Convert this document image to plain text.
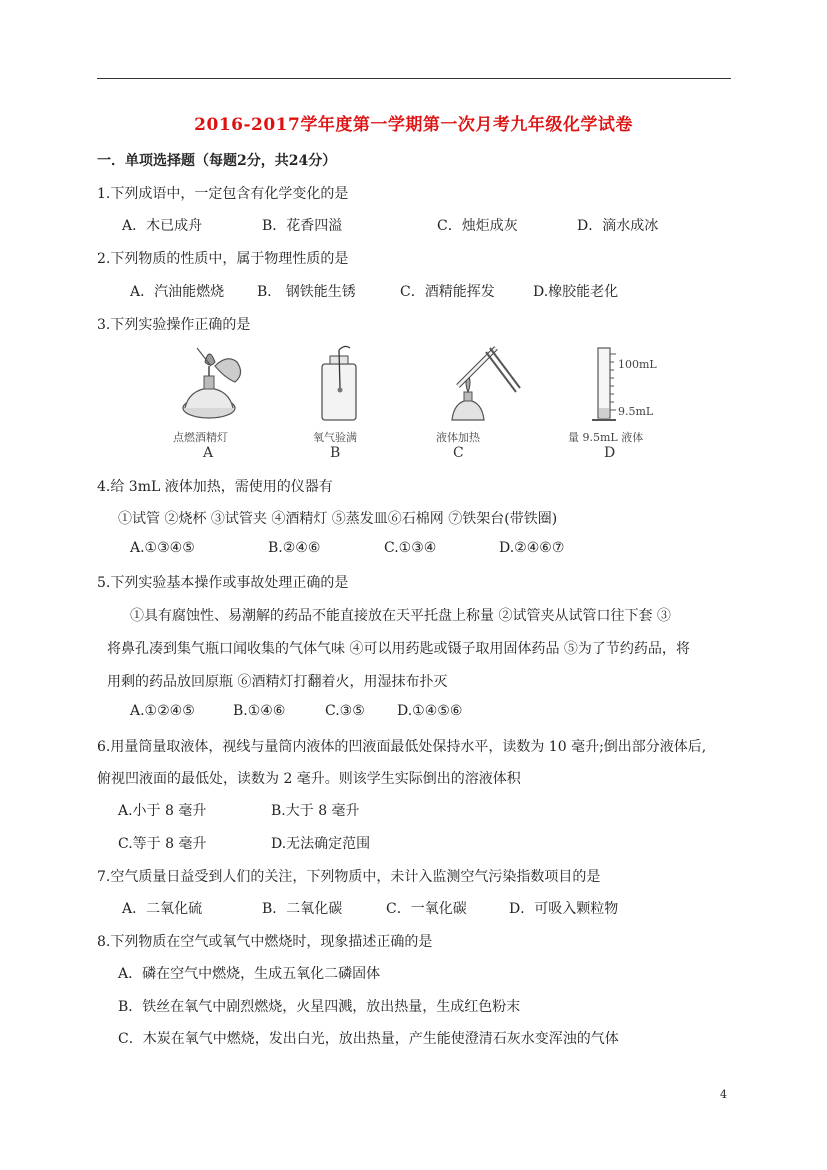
2016-2017学年度第一学期第一次月考九年级化学试卷
一．单项选择题（每题2分，共24分）
1.下列成语中，一定包含有化学变化的是
A．木已成舟	B．花香四溢	C．烛炬成灰	D．滴水成冰
2.下列物质的性质中，属于物理性质的是
A．汽油能燃烧 B． 钢铁能生锈	C．酒精能挥发	D.橡胶能老化
3.下列实验操作正确的是
点燃酒精灯
A
氧气验满
B
液体加热
C
100mL
9.5mL
量 9.5mL 液体
D
4.给 3mL 液体加热，需使用的仪器有
①试管 ②烧杯 ③试管夹 ④酒精灯 ⑤蒸发皿⑥石棉网 ⑦铁架台(带铁圈)
A.①③④⑤	B.②④⑥	C.①③④	D.②④⑥⑦
5.下列实验基本操作或事故处理正确的是
①具有腐蚀性、易潮解的药品不能直接放在天平托盘上称量 ②试管夹从试管口往下套 ③
将鼻孔凑到集气瓶口闻收集的气体气味 ④可以用药匙或镊子取用固体药品 ⑤为了节约药品，将
用剩的药品放回原瓶 ⑥酒精灯打翻着火，用湿抹布扑灭
A.①②④⑤	B.①④⑥	C.③⑤ D.①④⑤⑥
6.用量筒量取液体，视线与量筒内液体的凹液面最低处保持水平，读数为 10 毫升;倒出部分液体后,
俯视凹液面的最低处，读数为 2 毫升。则该学生实际倒出的溶液体积
A.小于 8 毫升	B.大于 8 毫升
C.等于 8 毫升	D.无法确定范围
7.空气质量日益受到人们的关注，下列物质中，未计入监测空气污染指数项目的是
A．二氧化硫	B．二氧化碳	C．一氧化碳	D．可吸入颗粒物
8.下列物质在空气或氧气中燃烧时，现象描述正确的是
A．磷在空气中燃烧，生成五氧化二磷固体
B．铁丝在氧气中剧烈燃烧，火星四溅，放出热量，生成红色粉末
C．木炭在氧气中燃烧，发出白光，放出热量，产生能使澄清石灰水变浑浊的气体
4
